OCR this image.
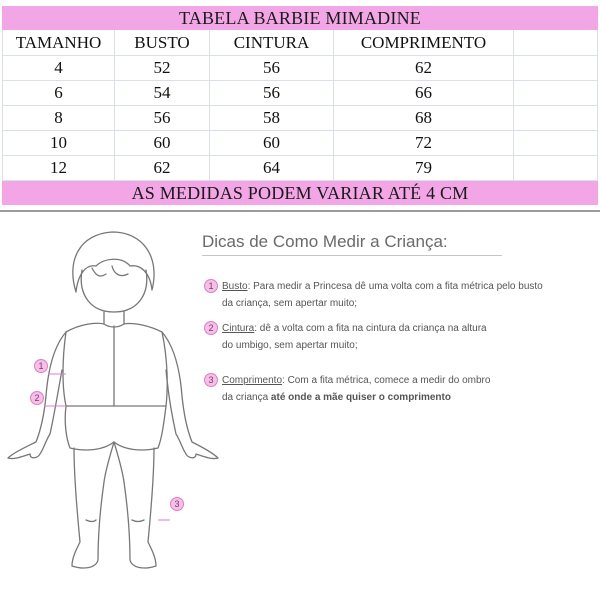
TABELA BARBIE MIMADINE
TAMANHO	BUSTO	CINTURA	COMPRIMENTO
4	52	56	62
6	54	56	66
8	56	58	68
10	60	60	72
12	62	64	79
AS MEDIDAS PODEM VARIAR ATÉ 4 CM
1
2
3
Dicas de Como Medir a Criança:
1 Busto: Para medir a Princesa dê uma volta com a fita métrica pelo busto
da criança, sem apertar muito;
2 Cintura: dê a volta com a fita na cintura da criança na altura
do umbigo, sem apertar muito;
3 Comprimento: Com a fita métrica, comece a medir do ombro
da criança até onde a mãe quiser o comprimento
